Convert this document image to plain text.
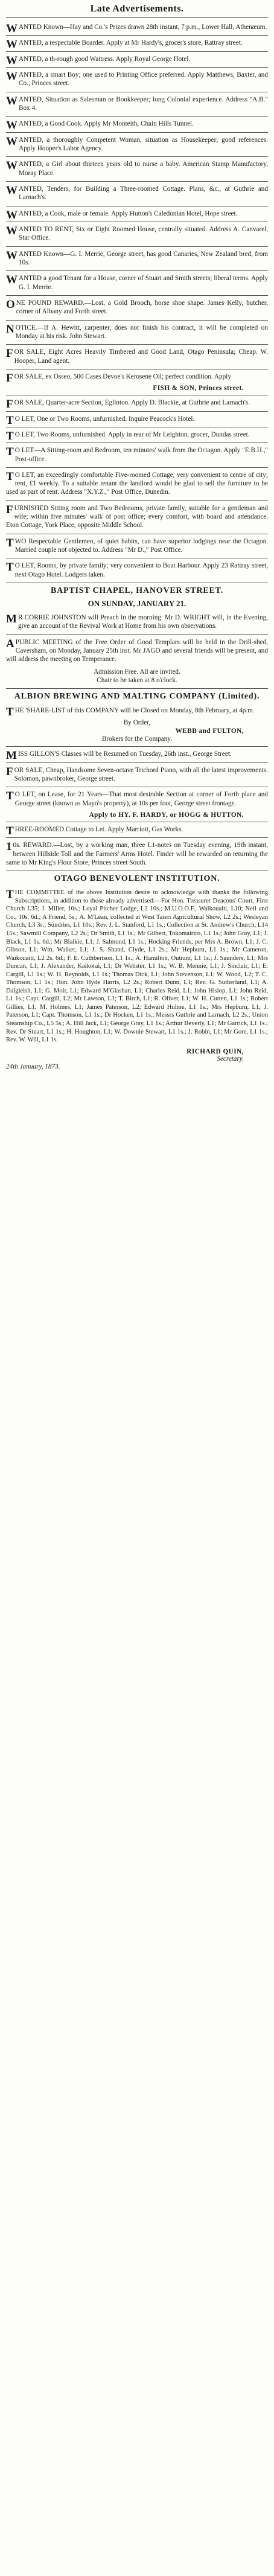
Late Advertisements.

WANTED Known—Hay and Co.'s Prizes drawn 28th instant, 7 p.m., Lower Hall, Athenæum.

WANTED, a respectable Boarder. Apply at Mr Hardy's, grocer's store, Rattray street.

WANTED, a th-rough good Waitress. Apply Royal George Hotel.

WANTED, a smart Boy; one used to Printing Office preferred. Apply Matthews, Baxter, and Co., Princes street.

WANTED, Situation as Salesman or Bookkeeper; long Colonial experience. Address "A.B." Box 4.

WANTED, a Good Cook. Apply Mr Monteith, Chain Hills Tunnel.

WANTED, a thoroughly Competent Woman, situation as Housekeeper; good references. Apply Hooper's Labor Agency.

WANTED, a Girl about thirteen years old to nurse a baby. American Stamp Manufactory, Moray Place.

WANTED, Tenders, for Building a Three-roomed Cottage. Plans, &c., at Guthrie and Larnach's.

WANTED, a Cook, male or female. Apply Hutton's Caledonian Hotel, Hope street.

WANTED TO RENT, Six or Eight Roomed House, centrally situated. Address A. Canvarel, Star Office.

WANTED Known—G. I. Merrie, George street, has good Canaries, New Zealand bred, from 10s.

WANTED a good Tenant for a House, corner of Stuart and Smith streets; liberal terms. Apply G. I. Merrie.

ONE POUND REWARD.—Lost, a Gold Brooch, horse shoe shape. James Kelly, butcher, corner of Albany and Forth street.

NOTICE.—If A. Hewitt, carpenter, does not finish his contract, it will be completed on Monday at his risk. John Stewart.

FOR SALE, Eight Acres Heavily Timbered and Good Land, Otago Peninsula; Cheap. W. Hooper, Land agent.

FOR SALE, ex Osseo, 500 Cases Devoe's Kerosene Oil; perfect condition. Apply

FISH & SON, Princes street.

FOR SALE, Quarter-acre Section, Eglinton. Apply D. Blackie, at Guthrie and Larnach's.

T O LET, One or Two Rooms, unfurnished. Inquire Peacock's Hotel.

T O LET, Two Rooms, unfurnished. Apply in rear of Mr Leighton, grocer, Dundas street.

T O LET—A Sitting-room and Bedroom, ten minutes' walk from the Octagon. Apply "E.B.H.," Post-office.

T O LET, an exceedingly comfortable Five-roomed Cottage, very convenient to centre of city; rent, £1 weekly. To a suitable tenant the landlord would be glad to sell the furniture to be used as part of rent. Address "X.Y.Z.," Post Office, Dunedin.

FURNISHED Sitting room and Two Bedrooms, private family, suitable for a gentleman and wife; within five minutes' walk of post office; every comfort, with board and attendance. Eton Cottage, York Place, opposite Middle School.

TWO Respectable Gentlemen, of quiet habits, can have superior lodgings near the Octagon. Married couple not objected to. Address "Mr D.," Post Office.

T O LET, Rooms, by private family; very convenient to Boat Harbour. Apply 23 Rattray street, next Otago Hotel. Lodgers taken.

BAPTIST CHAPEL, HANOVER STREET.
ON SUNDAY, JANUARY 21.

M R CORRIE JOHNSTON will Preach in the morning. Mr D. WRIGHT will, in the Evening, give an account of the Revival Work at Home from his own observations.

APUBLIC MEETING of the Free Order of Good Templars will be held in the Drill-shed, Caversham, on Monday, January 25th inst. Mr JAGO and several friends will be present, and will address the meeting on Temperance.

Admission Free. All are invited.
Chair to be taken at 8 o'clock.
ALBION BREWING AND MALTING COMPANY (Limited).

THE 'SHARE-LIST of this COMPANY will be Closed on Monday, 8th February, at 4p.m.

By Order,
WEBB and FULTON,
Brokers for the Company.

MISS GILLON'S Classes will be Resumed on Tuesday, 26th inst., George Street.

FOR SALE, Cheap, Handsome Seven-octave Trichord Piano, with all the latest improvements. Solomon, pawnbroker, George street.

T O LET, on Lease, for 21 Years—That most desirable Section at corner of Forth place and George street (known as Mayo's property), at 10s per foot, George street frontage.

Apply to HY. F. HARDY, or HOGG & HUTTON.

THREE-ROOMED Cottage to Let. Apply Marriott, Gas Works.

1 0s. REWARD.—Lost, by a working man, three L1-notes on Tuesday evening, 19th instant, between Hillside Toll and the Farmers' Arms Hotel. Finder will be rewarded on returning the same to Mr King's Flour Store, Princes street South.

OTAGO BENEVOLENT INSTITUTION.

THE COMMITTEE of the above Institution desire to acknowledge with thanks the following Subscriptions, in addition to those already advertised:—For Hon. Treasurer Deacons' Court, First Church L35; J. Miller, 10s.; Loyal Pitcher Lodge, L2 10s.; M.U.O.O.F., Waikouaiti, L10; Neil and Co., 10s. 6d.; A Friend, 5s.; A. M'Lean, collected at West Taieri Agricultural Show, L2 2s.; Wesleyan Church, L3 3s.; Sundries, L1 10s.; Rev. J. L. Stanford, L1 1s.; Collection at St. Andrew's Church, L14 15s.; Sawmill Company, L2 2s.; Dr Smith, L1 1s.; Mr Gilbert, Tokomairiro, L1 1s.; John Gray, L1; J. Black, L1 1s. 6d.; Mr Blaikie, L1; J. Salmond, L1 1s.; Hocking Friends, per Mrs A. Brown, L1; J. C. Gibson, L1; Wm. Walker, L1; J. S. Shand, Clyde, L1 2s.; Mr Hepburn, L1 1s.; Mr Cameron, Waikouaiti, L2 2s. 6d.; F. E. Cuthbertson, L1 1s.; A. Hamilton, Outram, L1 1s.; J. Saunders, L1; Mrs Duncan, L1; J. Alexander, Kaikorai, L1; Dr Webster, L1 1s.; W. B. Mennie, L1; J. Sinclair, L1; E. Cargill, L1 1s.; W. H. Reynolds, L1 1s.; Thomas Dick, L1; John Stevenson, L1; W. Wood, L2; T. C. Thomson, L1 1s.; Hon. John Hyde Harris, L2 2s.; Robert Dunn, L1; Rev. G. Sutherland, L1; A. Dalgleish, L1; G. Moir, L1; Edward M'Glashan, L1; Charles Reid, L1; John Hislop, L1; John Reid, L1 1s.; Capt. Cargill, L2; Mr Lawson, L1; T. Birch, L1; R. Oliver, L1; W. H. Cutten, L1 1s.; Robert Gillies, L1; M. Holmes, L1; James Paterson, L2; Edward Hulme, L1 1s.; Mrs Hepburn, L1; J. Paterson, L1; Capt. Thomson, L1 1s.; Dr Hocken, L1 1s.; Messrs Guthrie and Larnach, L2 2s.; Union Steamship Co., L5 5s.; A. Hill Jack, L1; George Gray, L1 1s.; Arthur Beverly, L1; Mr Garrick, L1 1s.; Rev. Dr Stuart, L1 1s.; H. Houghton, L1; W. Downie Stewart, L1 1s.; J. Robin, L1; Mr Gore, L1 1s.; Rev. W. Will, L1 1s.

RICHARD QUIN,
Secretary.
24th January, 1873.
